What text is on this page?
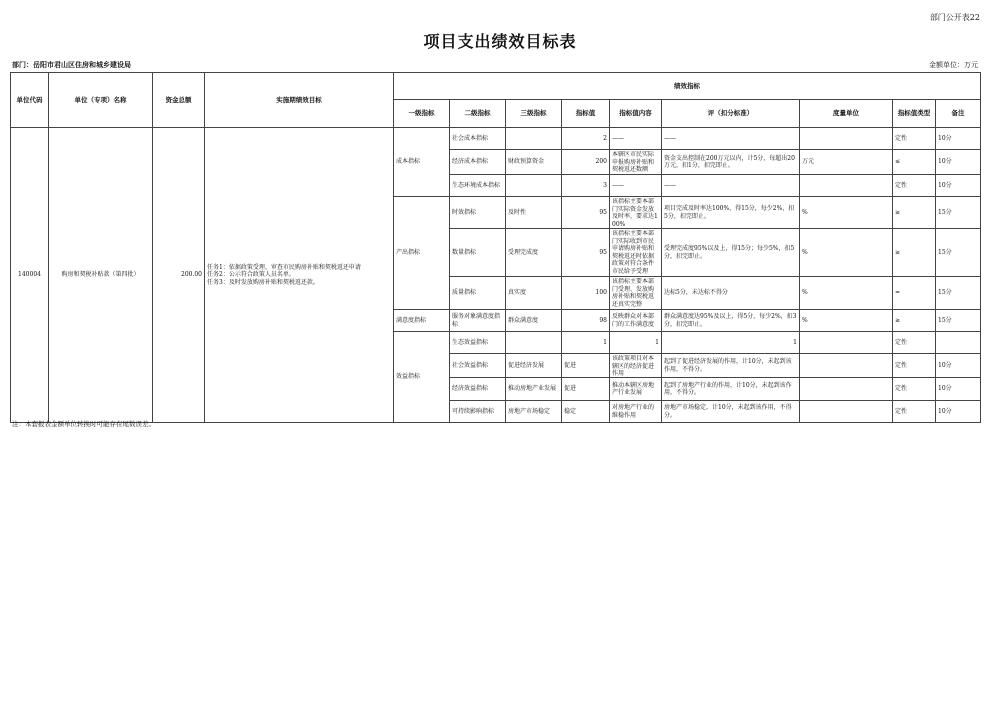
部门公开表22
项目支出绩效目标表
部门：岳阳市君山区住房和城乡建设局	金额单位：万元
单位代码	单位（专项）名称	资金总额	实施期绩效目标	绩效指标								
				一级指标	二级指标	三级指标	指标值	指标值内容	评（扣分标准）	度量单位	指标值类型	备注
140004	购房和契税补贴款（第四批）	200.00	任务1：依据政策受理、审查市民购房补贴和契税返还申请
任务2：公示符合政策人员名单。
任务3：及时发放购房补贴和契税返还款。	成本指标	社会成本指标		2	——	——		定性	10分
					经济成本指标	财政预算资金	200	本辖区市民实际申报购房补贴和契税返还数额	资金支出控制在200万元以内，计5分，每超出20万元，扣1分，扣完即止。	万元	≤	10分
					生态环境成本指标		3	——	——		定性	10分
				产出指标	时效指标	及时性	95	该指标主要本部门实际资金发放及时率，要求达100%	项目完成及时率达100%，得15分，每少2%，扣5分，扣完即止。	%	≥	15分
					数量指标	受理完成度	95	该指标主要本部门实际收到市民申请购房补贴和契税返还时依据政策对符合条件市民给予受理	受理完成度95%以及上，得15分；每少5%，扣5分，扣完即止。	%	≥	15分
					质量指标	真实度	100	该指标主要本部门受理、发放购房补贴和契税返还真实完整	达标5分，未达标不得分	%	=	15分
				满意度指标	服务对象满意度指标	群众满意度	98	反映群众对本部门的工作满意度	群众满意度达95%及以上，得5分，每少2%，扣3分，扣完即止。	%	≥	15分
				效益指标	生态效益指标		1	1	1		定性	
					社会效益指标	促进经济发展	促进	该政策项目对本辖区的经济促进作用	起到了促进经济发展的作用，计10分，未起到该作用，不得分。		定性	10分
					经济效益指标	推动房地产业发展	促进	推动本辖区房地产行业发展	起到了房地产行业的作用，计10分，未起到该作用，不得分。		定性	10分
					可持续影响指标	房地产市场稳定	稳定	对房地产行业的维稳作用	房地产市场稳定，计10分，未起到该作用，不得分。		定性	10分
注：本套报表金额单位转换时可能存在尾数误差。
